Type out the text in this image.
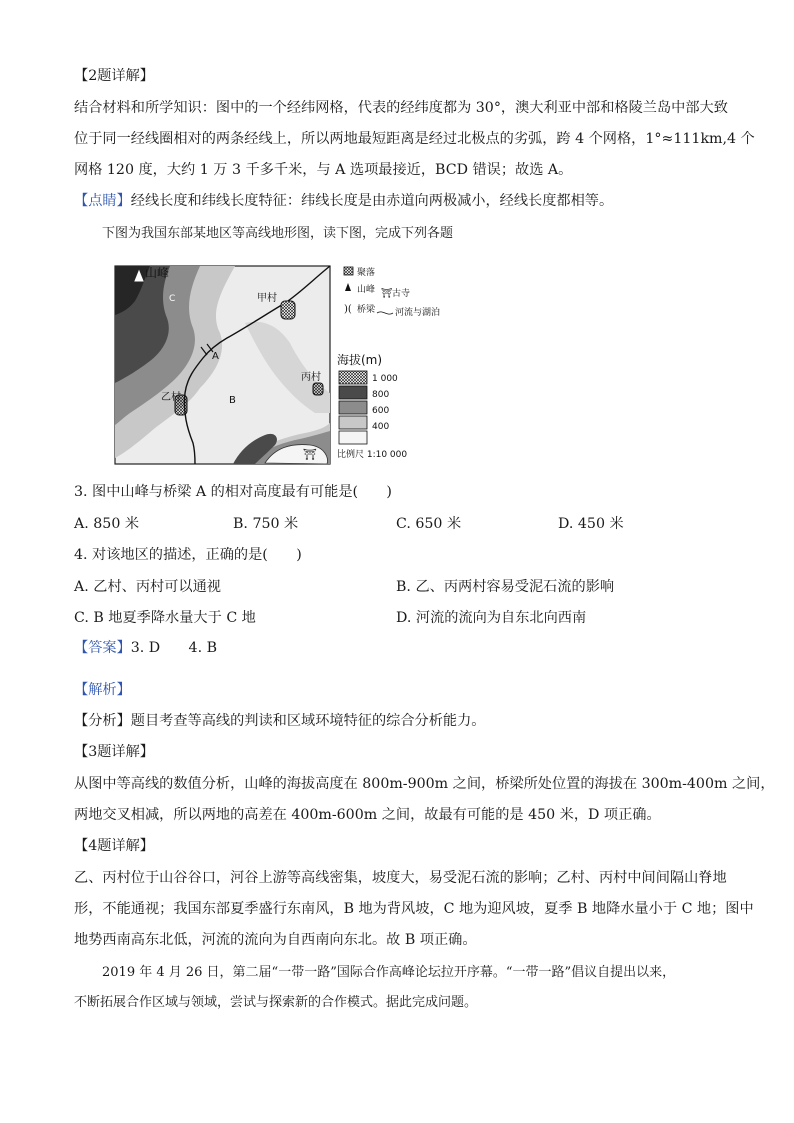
【2题详解】
结合材料和所学知识：图中的一个经纬网格，代表的经纬度都为 30°，澳大利亚中部和格陵兰岛中部大致
位于同一经线圈相对的两条经线上，所以两地最短距离是经过北极点的劣弧，跨 4 个网格，1°≈111km,4 个
网格 120 度，大约 1 万 3 千多千米，与 A 选项最接近，BCD 错误；故选 A。
【点睛】经线长度和纬线长度特征：纬线长度是由赤道向两极减小，经线长度都相等。
下图为我国东部某地区等高线地形图，读下图，完成下列各题
⛩
山峰
C	甲村
A
乙村	B
丙村
聚落
山峰 ⛩ 古寺
)( 桥梁 河流与湖泊
海拔(m)
1 000
800
600
400
比例尺 1:10 000
3. 图中山峰与桥梁 A 的相对高度最有可能是(　　)
A. 850 米	B. 750 米	C. 650 米	D. 450 米
4. 对该地区的描述，正确的是(　　)
A. 乙村、丙村可以通视	B. 乙、丙两村容易受泥石流的影响
C. B 地夏季降水量大于 C 地	D. 河流的流向为自东北向西南
【答案】3. D　　4. B
【解析】
【分析】题目考查等高线的判读和区域环境特征的综合分析能力。
【3题详解】
从图中等高线的数值分析，山峰的海拔高度在 800m-900m 之间，桥梁所处位置的海拔在 300m-400m 之间，
两地交叉相减，所以两地的高差在 400m-600m 之间，故最有可能的是 450 米，D 项正确。
【4题详解】
乙、丙村位于山谷谷口，河谷上游等高线密集，坡度大，易受泥石流的影响；乙村、丙村中间间隔山脊地
形，不能通视；我国东部夏季盛行东南风，B 地为背风坡，C 地为迎风坡，夏季 B 地降水量小于 C 地；图中
地势西南高东北低，河流的流向为自西南向东北。故 B 项正确。
2019 年 4 月 26 日，第二届“一带一路”国际合作高峰论坛拉开序幕。“一带一路”倡议自提出以来，
不断拓展合作区域与领域，尝试与探索新的合作模式。据此完成问题。
